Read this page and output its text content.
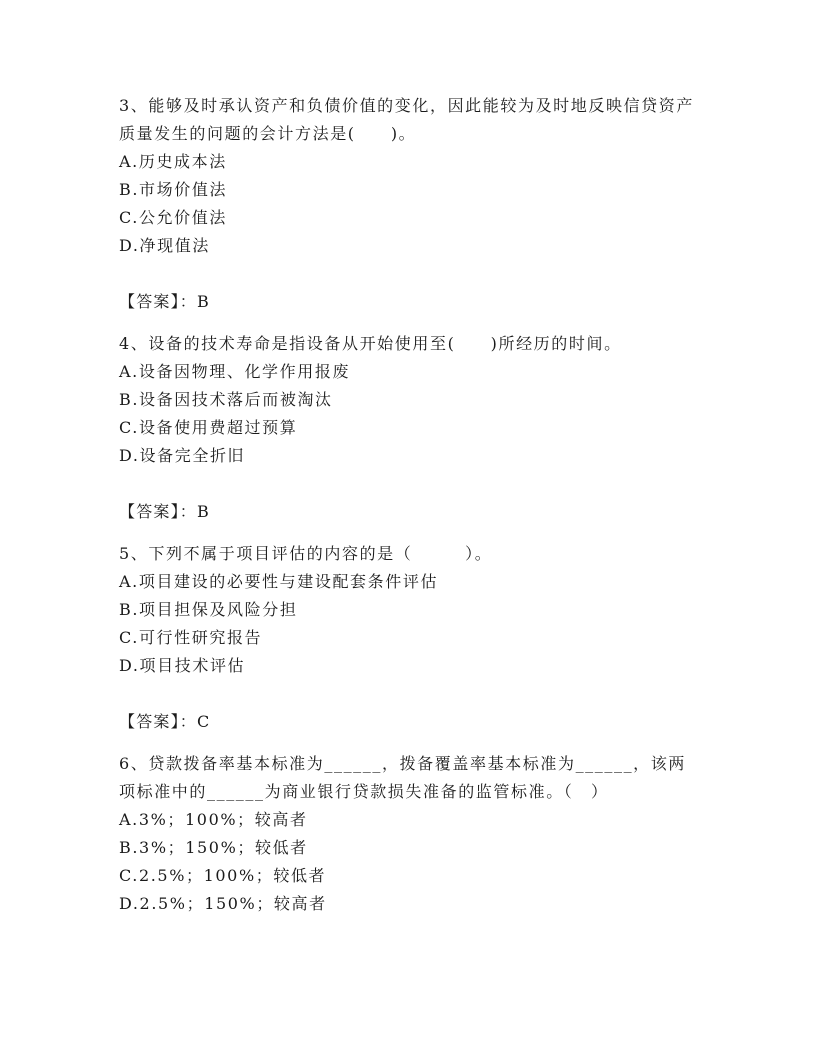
3、能够及时承认资产和负债价值的变化，因此能较为及时地反映信贷资产质量发生的问题的会计方法是(　　)。

A.历史成本法

B.市场价值法

C.公允价值法

D.净现值法

【答案】：B

4、设备的技术寿命是指设备从开始使用至(　　)所经历的时间。

A.设备因物理、化学作用报废

B.设备因技术落后而被淘汰

C.设备使用费超过预算

D.设备完全折旧

【答案】：B

5、下列不属于项目评估的内容的是（　　　）。

A.项目建设的必要性与建设配套条件评估

B.项目担保及风险分担

C.可行性研究报告

D.项目技术评估

【答案】：C

6、贷款拨备率基本标准为______，拨备覆盖率基本标准为______，该两项标准中的______为商业银行贷款损失准备的监管标准。（　）

A.3%；100%；较高者

B.3%；150%；较低者

C.2.5%；100%；较低者

D.2.5%；150%；较高者
